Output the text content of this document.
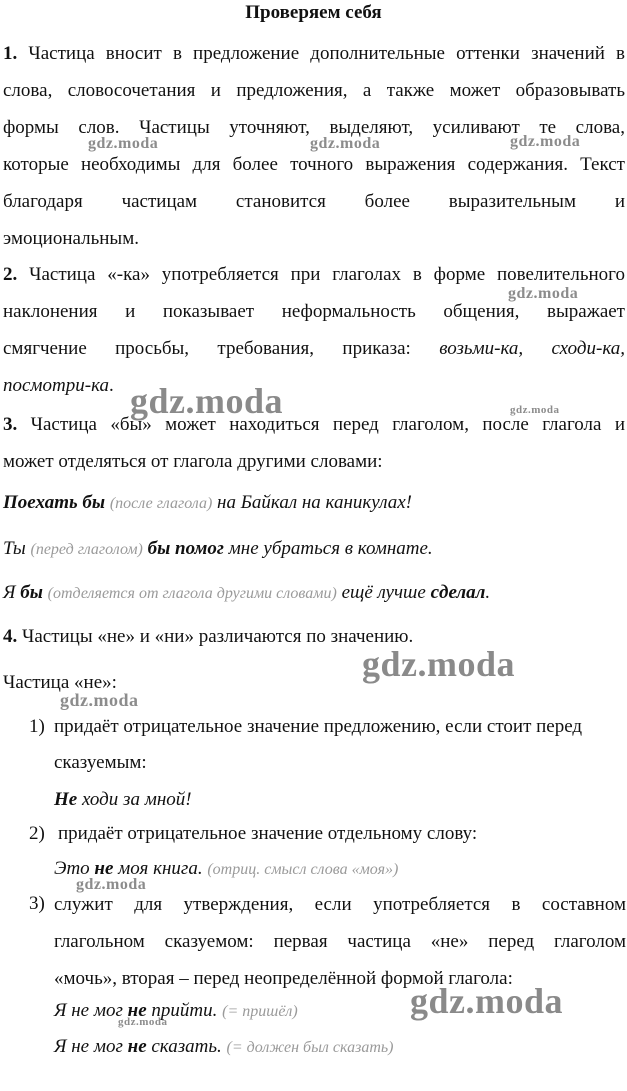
Проверяем себя
1. Частица вносит в предложение дополнительные оттенки значений в
слова, словосочетания и предложения, а также может образовывать
формы слов. Частицы уточняют, выделяют, усиливают те слова,
которые необходимы для более точного выражения содержания. Текст
благодаря частицам становится более выразительным и
эмоциональным.
2. Частица «-ка» употребляется при глаголах в форме повелительного
наклонения и показывает неформальность общения, выражает
смягчение просьбы, требования, приказа: возьми-ка, сходи-ка,
посмотри-ка.
3. Частица «бы» может находиться перед глаголом, после глагола и
может отделяться от глагола другими словами:
Поехать бы (после глагола) на Байкал на каникулах!
Ты (перед глаголом) бы помог мне убраться в комнате.
Я бы (отделяется от глагола другими словами) ещё лучше сделал.
4. Частицы «не» и «ни» различаются по значению.
Частица «не»:
1) придаёт отрицательное значение предложению, если стоит перед
сказуемым:
Не ходи за мной!
2) придаёт отрицательное значение отдельному слову:
Это не моя книга. (отриц. смысл слова «моя»)
3) служит для утверждения, если употребляется в составном
глагольном сказуемом: первая частица «не» перед глаголом
«мочь», вторая – перед неопределённой формой глагола:
Я не мог не прийти. (= пришёл)
Я не мог не сказать. (= должен был сказать)
gdz.moda	gdz.moda	gdz.moda
gdz.moda
gdz.moda	gdz.moda
gdz.moda
gdz.moda
gdz.moda
gdz.moda
gdz.moda
